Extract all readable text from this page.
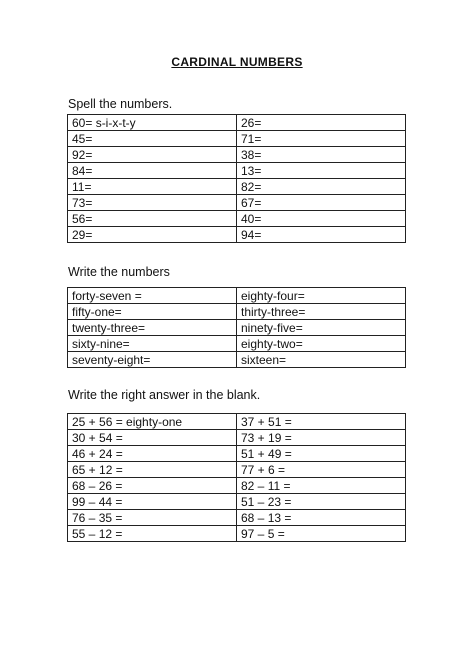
CARDINAL NUMBERS
Spell the numbers.
60= s-i-x-t-y	26=
45=	71=
92=	38=
84=	13=
11=	82=
73=	67=
56=	40=
29=	94=
Write the numbers
forty-seven =	eighty-four=
fifty-one=	thirty-three=
twenty-three=	ninety-five=
sixty-nine=	eighty-two=
seventy-eight=	sixteen=
Write the right answer in the blank.
25 + 56 = eighty-one	37 + 51 =
30 + 54 =	73 + 19 =
46 + 24 =	51 + 49 =
65 + 12 =	77 + 6 =
68 – 26 =	82 – 11 =
99 – 44 =	51 – 23 =
76 – 35 =	68 – 13 =
55 – 12 =	97 – 5 =
